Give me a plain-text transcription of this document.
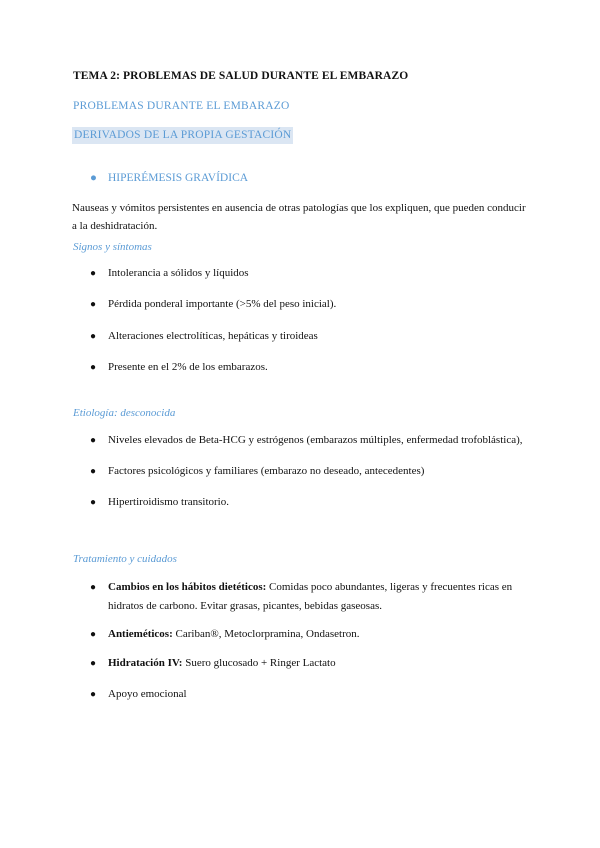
TEMA 2: PROBLEMAS DE SALUD DURANTE EL EMBARAZO
PROBLEMAS DURANTE EL EMBARAZO
DERIVADOS DE LA PROPIA GESTACIÓN
● HIPERÉMESIS GRAVÍDICA
Nauseas y vómitos persistentes en ausencia de otras patologías que los expliquen, que pueden conducir a la deshidratación.
Signos y síntomas
● Intolerancia a sólidos y líquidos
● Pérdida ponderal importante (>5% del peso inicial).
● Alteraciones electrolíticas, hepáticas y tiroideas
● Presente en el 2% de los embarazos.
Etiología: desconocida
● Niveles elevados de Beta-HCG y estrógenos (embarazos múltiples, enfermedad trofoblástica),
● Factores psicológicos y familiares (embarazo no deseado, antecedentes)
● Hipertiroidismo transitorio.
Tratamiento y cuidados
● Cambios en los hábitos dietéticos: Comidas poco abundantes, ligeras y frecuentes ricas en hidratos de carbono. Evitar grasas, picantes, bebidas gaseosas.
● Antieméticos: Cariban®, Metoclorpramina, Ondasetron.
● Hidratación IV: Suero glucosado + Ringer Lactato
● Apoyo emocional
